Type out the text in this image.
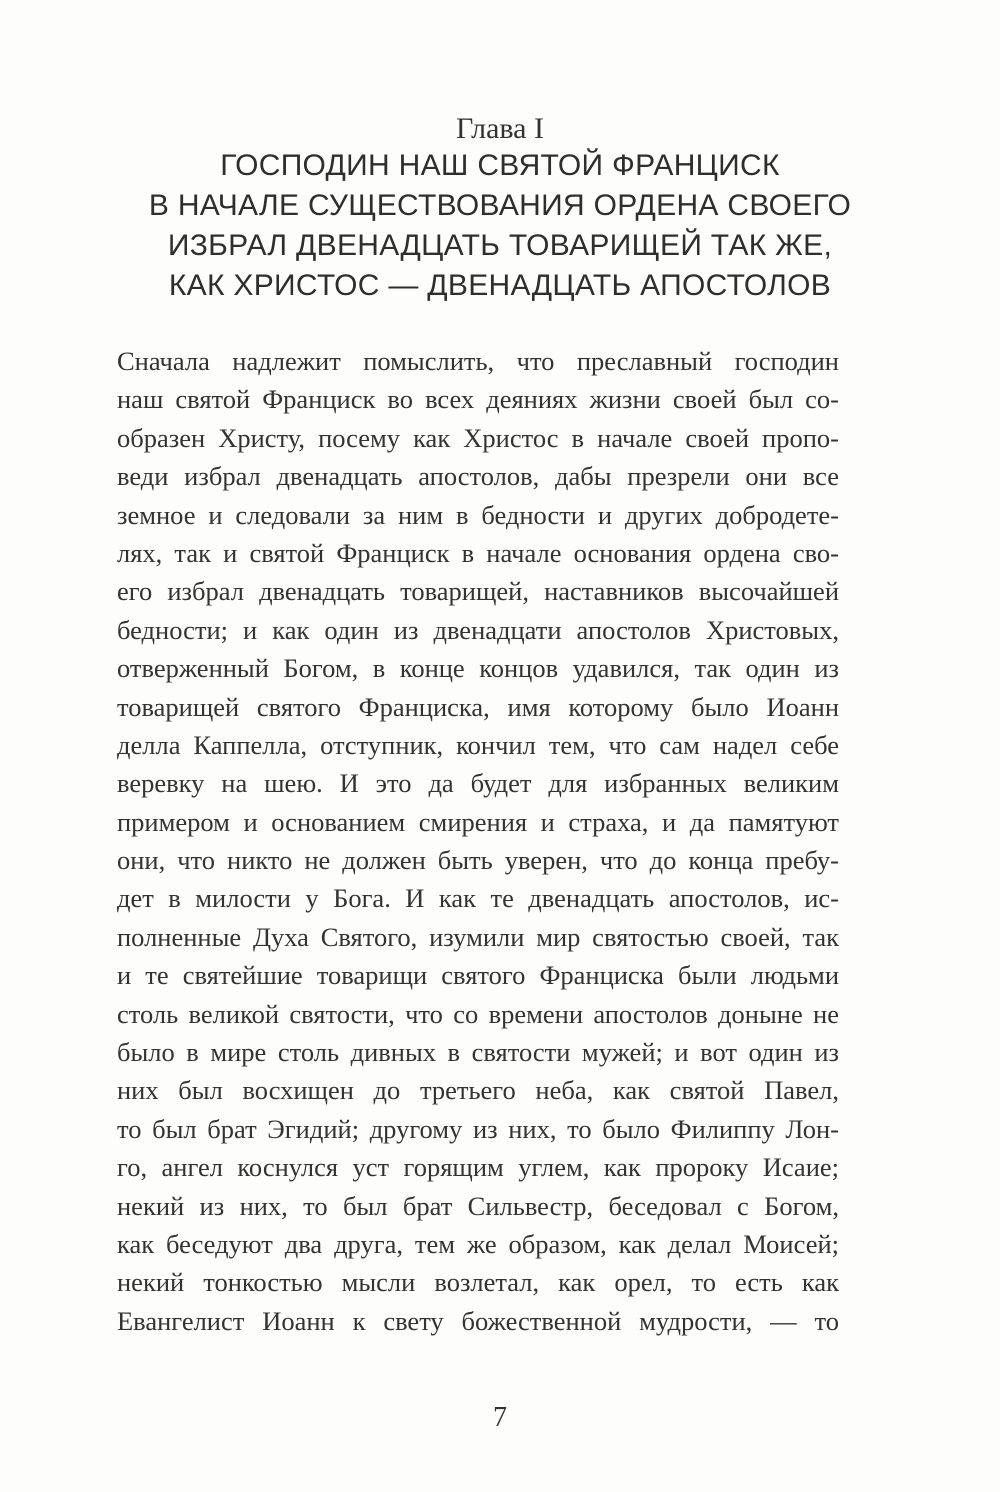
Глава I
ГОСПОДИН НАШ СВЯТОЙ ФРАНЦИСК
В НАЧАЛЕ СУЩЕСТВОВАНИЯ ОРДЕНА СВОЕГО
ИЗБРАЛ ДВЕНАДЦАТЬ ТОВАРИЩЕЙ ТАК ЖЕ,
КАК ХРИСТОС — ДВЕНАДЦАТЬ АПОСТОЛОВ
Сначала надлежит помыслить, что преславный господин
наш святой Франциск во всех деяниях жизни своей был со-
образен Христу, посему как Христос в начале своей пропо-
веди избрал двенадцать апостолов, дабы презрели они все
земное и следовали за ним в бедности и других добродете-
лях, так и святой Франциск в начале основания ордена сво-
его избрал двенадцать товарищей, наставников высочайшей
бедности; и как один из двенадцати апостолов Христовых,
отверженный Богом, в конце концов удавился, так один из
товарищей святого Франциска, имя которому было Иоанн
делла Каппелла, отступник, кончил тем, что сам надел себе
веревку на шею. И это да будет для избранных великим
примером и основанием смирения и страха, и да памятуют
они, что никто не должен быть уверен, что до конца пребу-
дет в милости у Бога. И как те двенадцать апостолов, ис-
полненные Духа Святого, изумили мир святостью своей, так
и те святейшие товарищи святого Франциска были людьми
столь великой святости, что со времени апостолов доныне не
было в мире столь дивных в святости мужей; и вот один из
них был восхищен до третьего неба, как святой Павел,
то был брат Эгидий; другому из них, то было Филиппу Лон-
го, ангел коснулся уст горящим углем, как пророку Исаие;
некий из них, то был брат Сильвестр, беседовал с Богом,
как беседуют два друга, тем же образом, как делал Моисей;
некий тонкостью мысли возлетал, как орел, то есть как
Евангелист Иоанн к свету божественной мудрости, — то
7
